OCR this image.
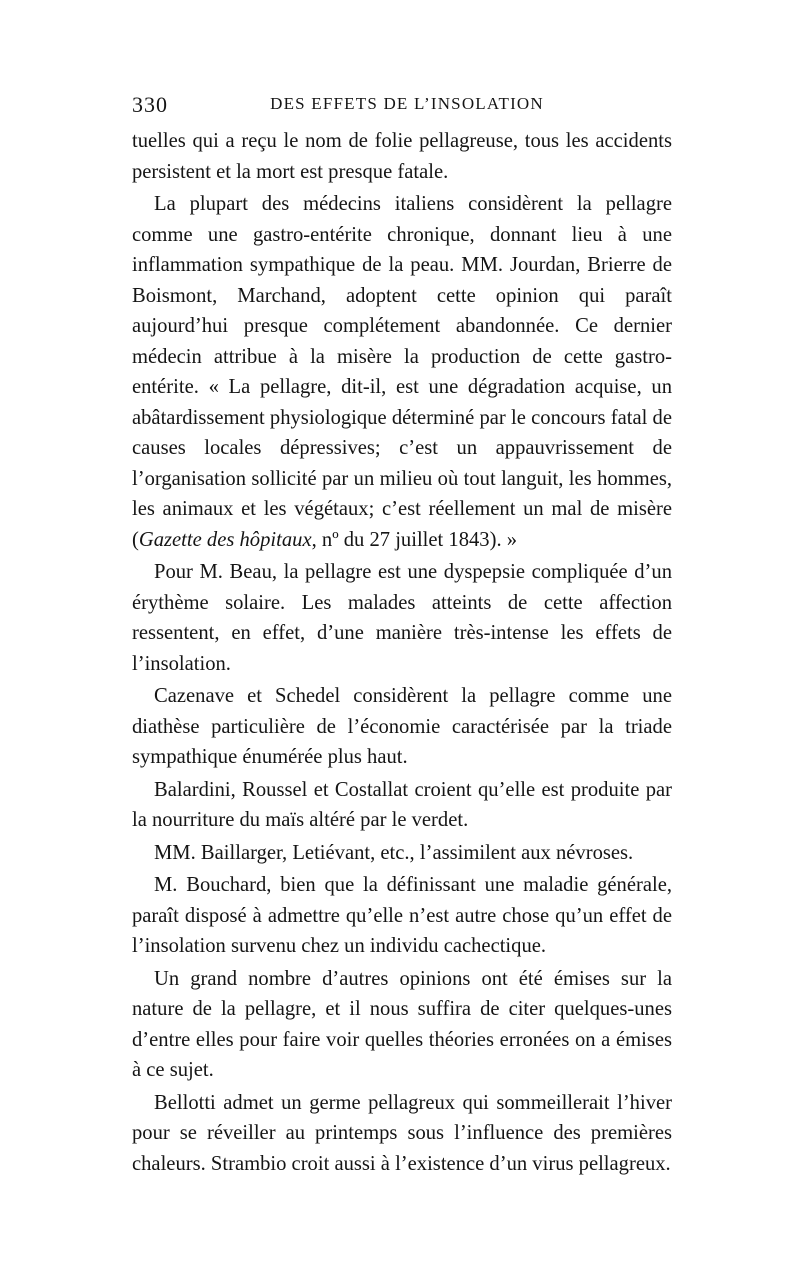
330	DES EFFETS DE L’INSOLATION

tuelles qui a reçu le nom de folie pellagreuse, tous les accidents persistent et la mort est presque fatale.

La plupart des médecins italiens considèrent la pellagre comme une gastro-entérite chronique, donnant lieu à une inflammation sympathique de la peau. MM. Jourdan, Brierre de Boismont, Marchand, adoptent cette opinion qui paraît aujourd’hui presque complétement abandonnée. Ce dernier médecin attribue à la misère la production de cette gastro-entérite. « La pellagre, dit-il, est une dégradation acquise, un abâtardissement physiologique déterminé par le concours fatal de causes locales dépressives; c’est un appauvrissement de l’organisation sollicité par un milieu où tout languit, les hommes, les animaux et les végétaux; c’est réellement un mal de misère (Gazette des hôpitaux, nº du 27 juillet 1843). »

Pour M. Beau, la pellagre est une dyspepsie compliquée d’un érythème solaire. Les malades atteints de cette affection ressentent, en effet, d’une manière très-intense les effets de l’insolation.

Cazenave et Schedel considèrent la pellagre comme une diathèse particulière de l’économie caractérisée par la triade sympathique énumérée plus haut.

Balardini, Roussel et Costallat croient qu’elle est produite par la nourriture du maïs altéré par le verdet.

MM. Baillarger, Letiévant, etc., l’assimilent aux névroses.

M. Bouchard, bien que la définissant une maladie générale, paraît disposé à admettre qu’elle n’est autre chose qu’un effet de l’insolation survenu chez un individu cachectique.

Un grand nombre d’autres opinions ont été émises sur la nature de la pellagre, et il nous suffira de citer quelques-unes d’entre elles pour faire voir quelles théories erronées on a émises à ce sujet.

Bellotti admet un germe pellagreux qui sommeillerait l’hiver pour se réveiller au printemps sous l’influence des premières chaleurs. Strambio croit aussi à l’existence d’un virus pellagreux.
